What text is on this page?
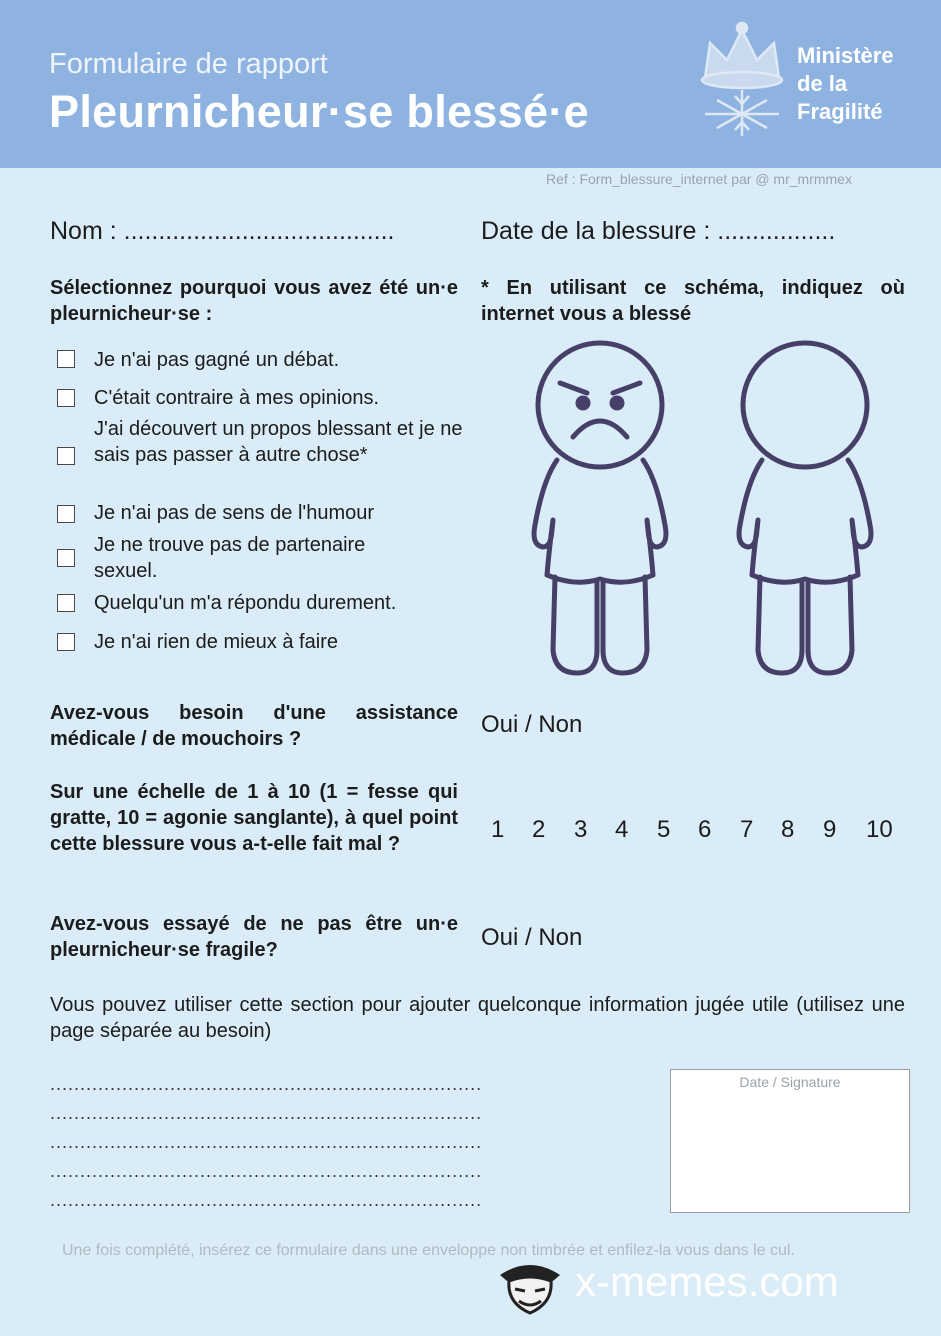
Formulaire de rapport
Pleurnicheur·se blessé·e
Ministère
de la
Fragilité
Ref : Form_blessure_internet par @ mr_mrmmex
Nom : .......................................	Date de la blessure : .................
Sélectionnez pourquoi vous avez été un·e pleurnicheur·se :
* En utilisant ce schéma, indiquez où internet vous a blessé
Je n'ai pas gagné un débat.
C'était contraire à mes opinions.
J'ai découvert un propos blessant et je ne sais pas passer à autre chose*
Je n'ai pas de sens de l'humour
Je ne trouve pas de partenaire sexuel.
Quelqu'un m'a répondu durement.
Je n'ai rien de mieux à faire
Avez-vous besoin d'une assistance médicale / de mouchoirs ?
Oui / Non
Sur une échelle de 1 à 10 (1 = fesse qui gratte, 10 = agonie sanglante), à quel point cette blessure vous a-t-elle fait mal ?
1 2 3 4 5 6 7 8 9 10
Avez-vous essayé de ne pas être un·e pleurnicheur·se fragile?	Oui / Non
Vous pouvez utiliser cette section pour ajouter quelconque information jugée utile (utilisez une page séparée au besoin)
........................................................................
........................................................................
........................................................................
........................................................................
........................................................................
Date / Signature
Une fois complété, insérez ce formulaire dans une enveloppe non timbrée et enfilez-la vous dans le cul.
x-memes.com
